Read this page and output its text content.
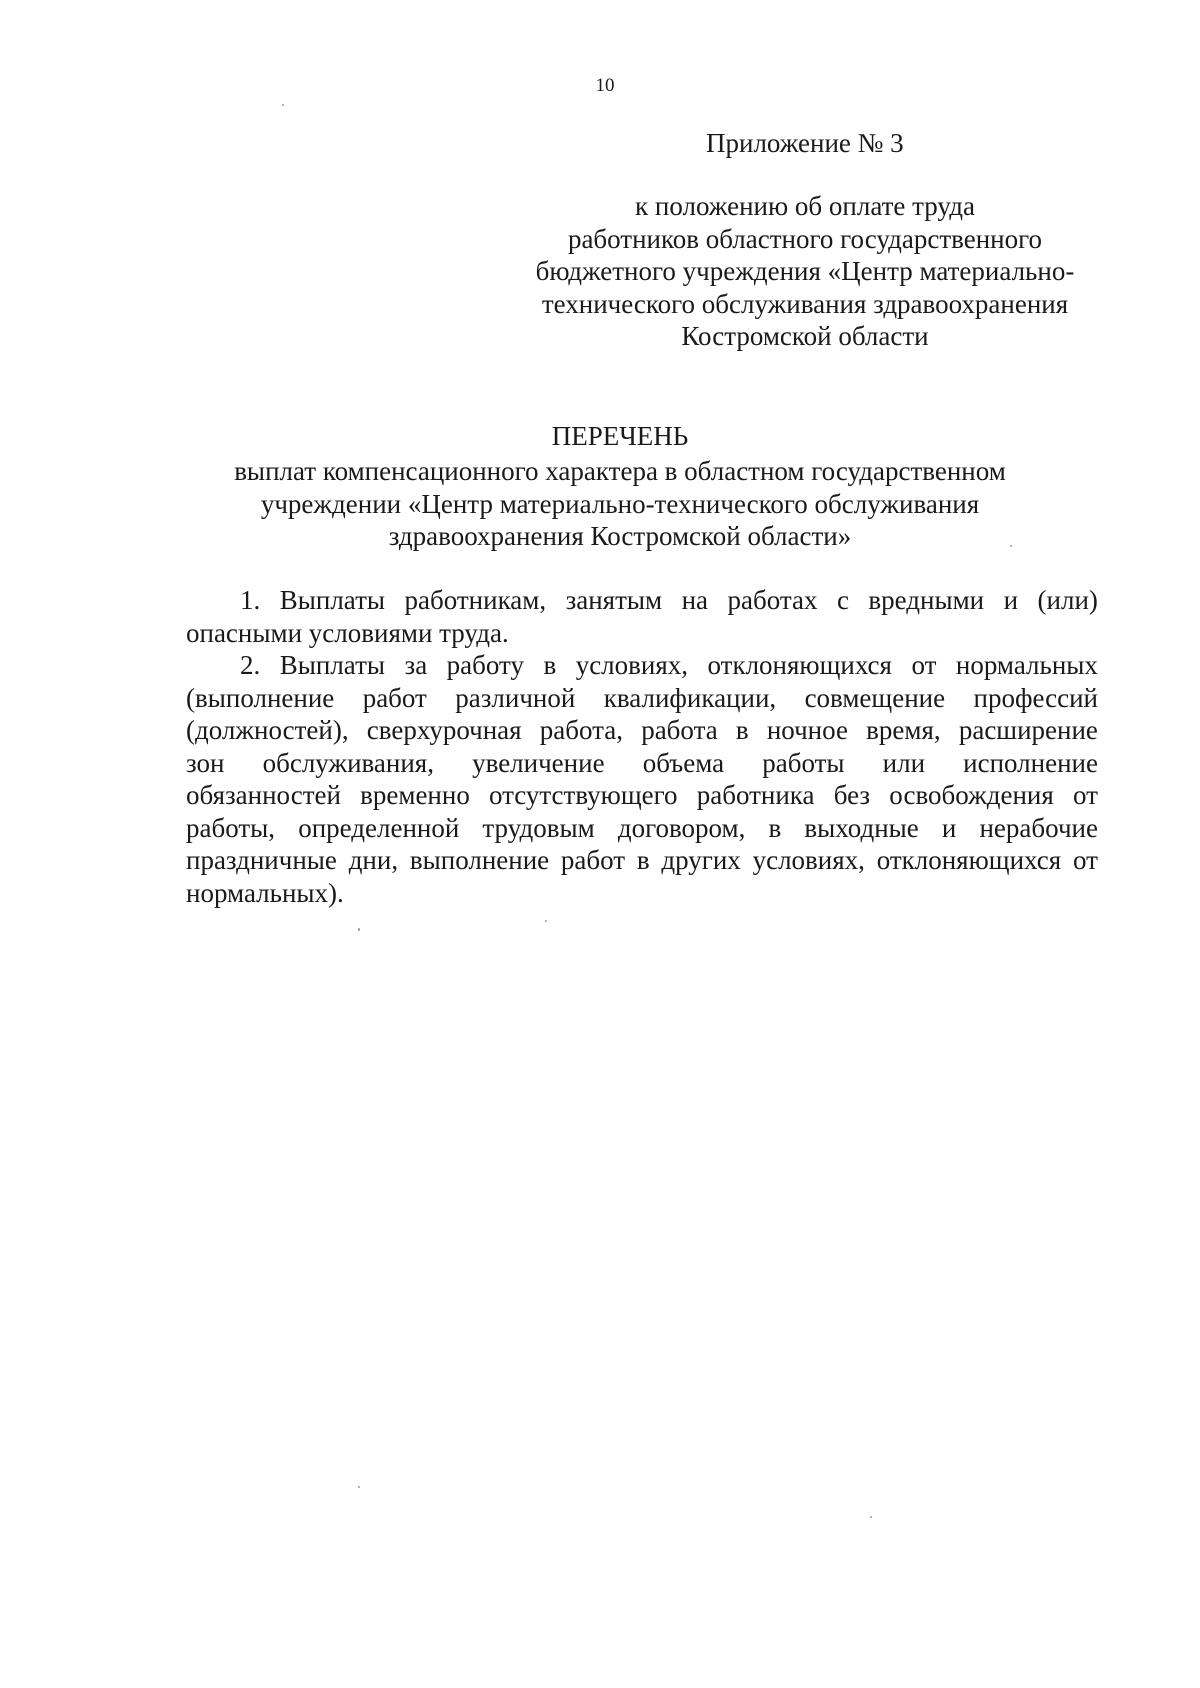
10
Приложение № 3
к положению об оплате труда
работников областного государственного
бюджетного учреждения «Центр материально-
технического обслуживания здравоохранения
Костромской области
ПЕРЕЧЕНЬ
выплат компенсационного характера в областном государственном
учреждении «Центр материально-технического обслуживания
здравоохранения Костромской области»
1. Выплаты работникам, занятым на работах с вредными и (или)
опасными условиями труда.
2. Выплаты за работу в условиях, отклоняющихся от нормальных
(выполнение работ различной квалификации, совмещение профессий
(должностей), сверхурочная работа, работа в ночное время, расширение
зон обслуживания, увеличение объема работы или исполнение
обязанностей временно отсутствующего работника без освобождения от
работы, определенной трудовым договором, в выходные и нерабочие
праздничные дни, выполнение работ в других условиях, отклоняющихся от
нормальных).
